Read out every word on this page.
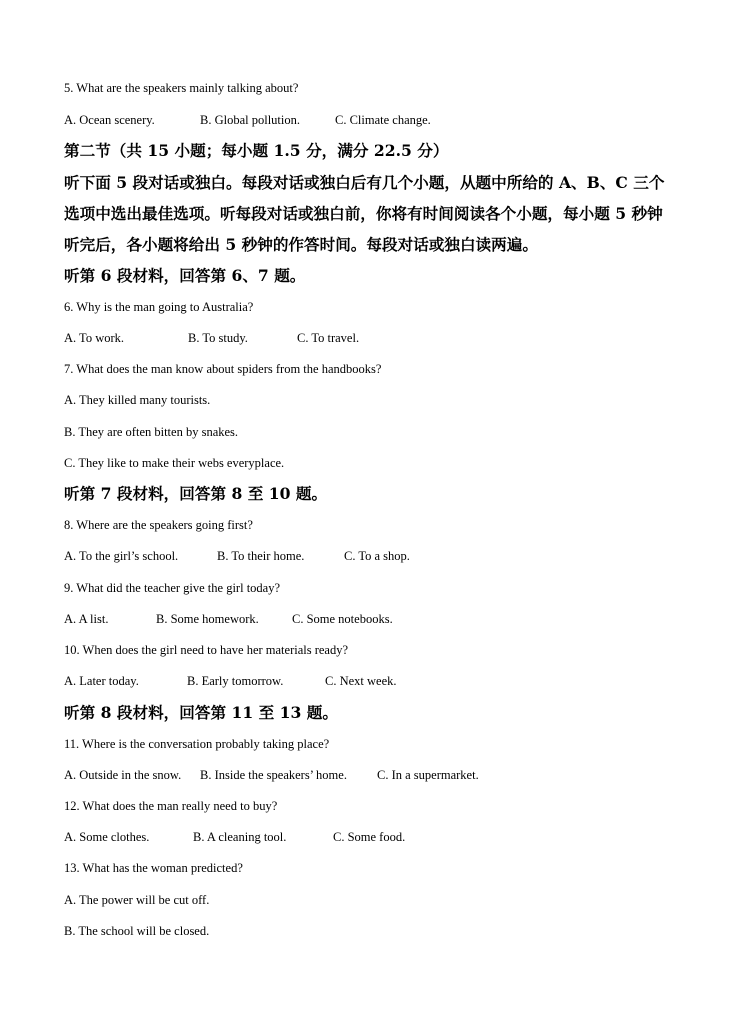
5. What are the speakers mainly talking about?
A. Ocean scenery.	B. Global pollution.	C. Climate change.
第二节（共 15 小题；每小题 1.5 分，满分 22.5 分）
听下面 5 段对话或独白。每段对话或独白后有几个小题，从题中所给的 A、B、C 三个
选项中选出最佳选项。听每段对话或独白前，你将有时间阅读各个小题，每小题 5 秒钟
听完后，各小题将给出 5 秒钟的作答时间。每段对话或独白读两遍。
听第 6 段材料，回答第 6、7 题。
6. Why is the man going to Australia?
A. To work.	B. To study.	C. To travel.
7. What does the man know about spiders from the handbooks?
A. They killed many tourists.
B. They are often bitten by snakes.
C. They like to make their webs everyplace.
听第 7 段材料，回答第 8 至 10 题。
8. Where are the speakers going first?
A. To the girl’s school.	B. To their home.	C. To a shop.
9. What did the teacher give the girl today?
A. A list.	B. Some homework.	C. Some notebooks.
10. When does the girl need to have her materials ready?
A. Later today.	B. Early tomorrow.	C. Next week.
听第 8 段材料，回答第 11 至 13 题。
11. Where is the conversation probably taking place?
A. Outside in the snow. B. Inside the speakers’ home. C. In a supermarket.
12. What does the man really need to buy?
A. Some clothes.	B. A cleaning tool.	C. Some food.
13. What has the woman predicted?
A. The power will be cut off.
B. The school will be closed.
